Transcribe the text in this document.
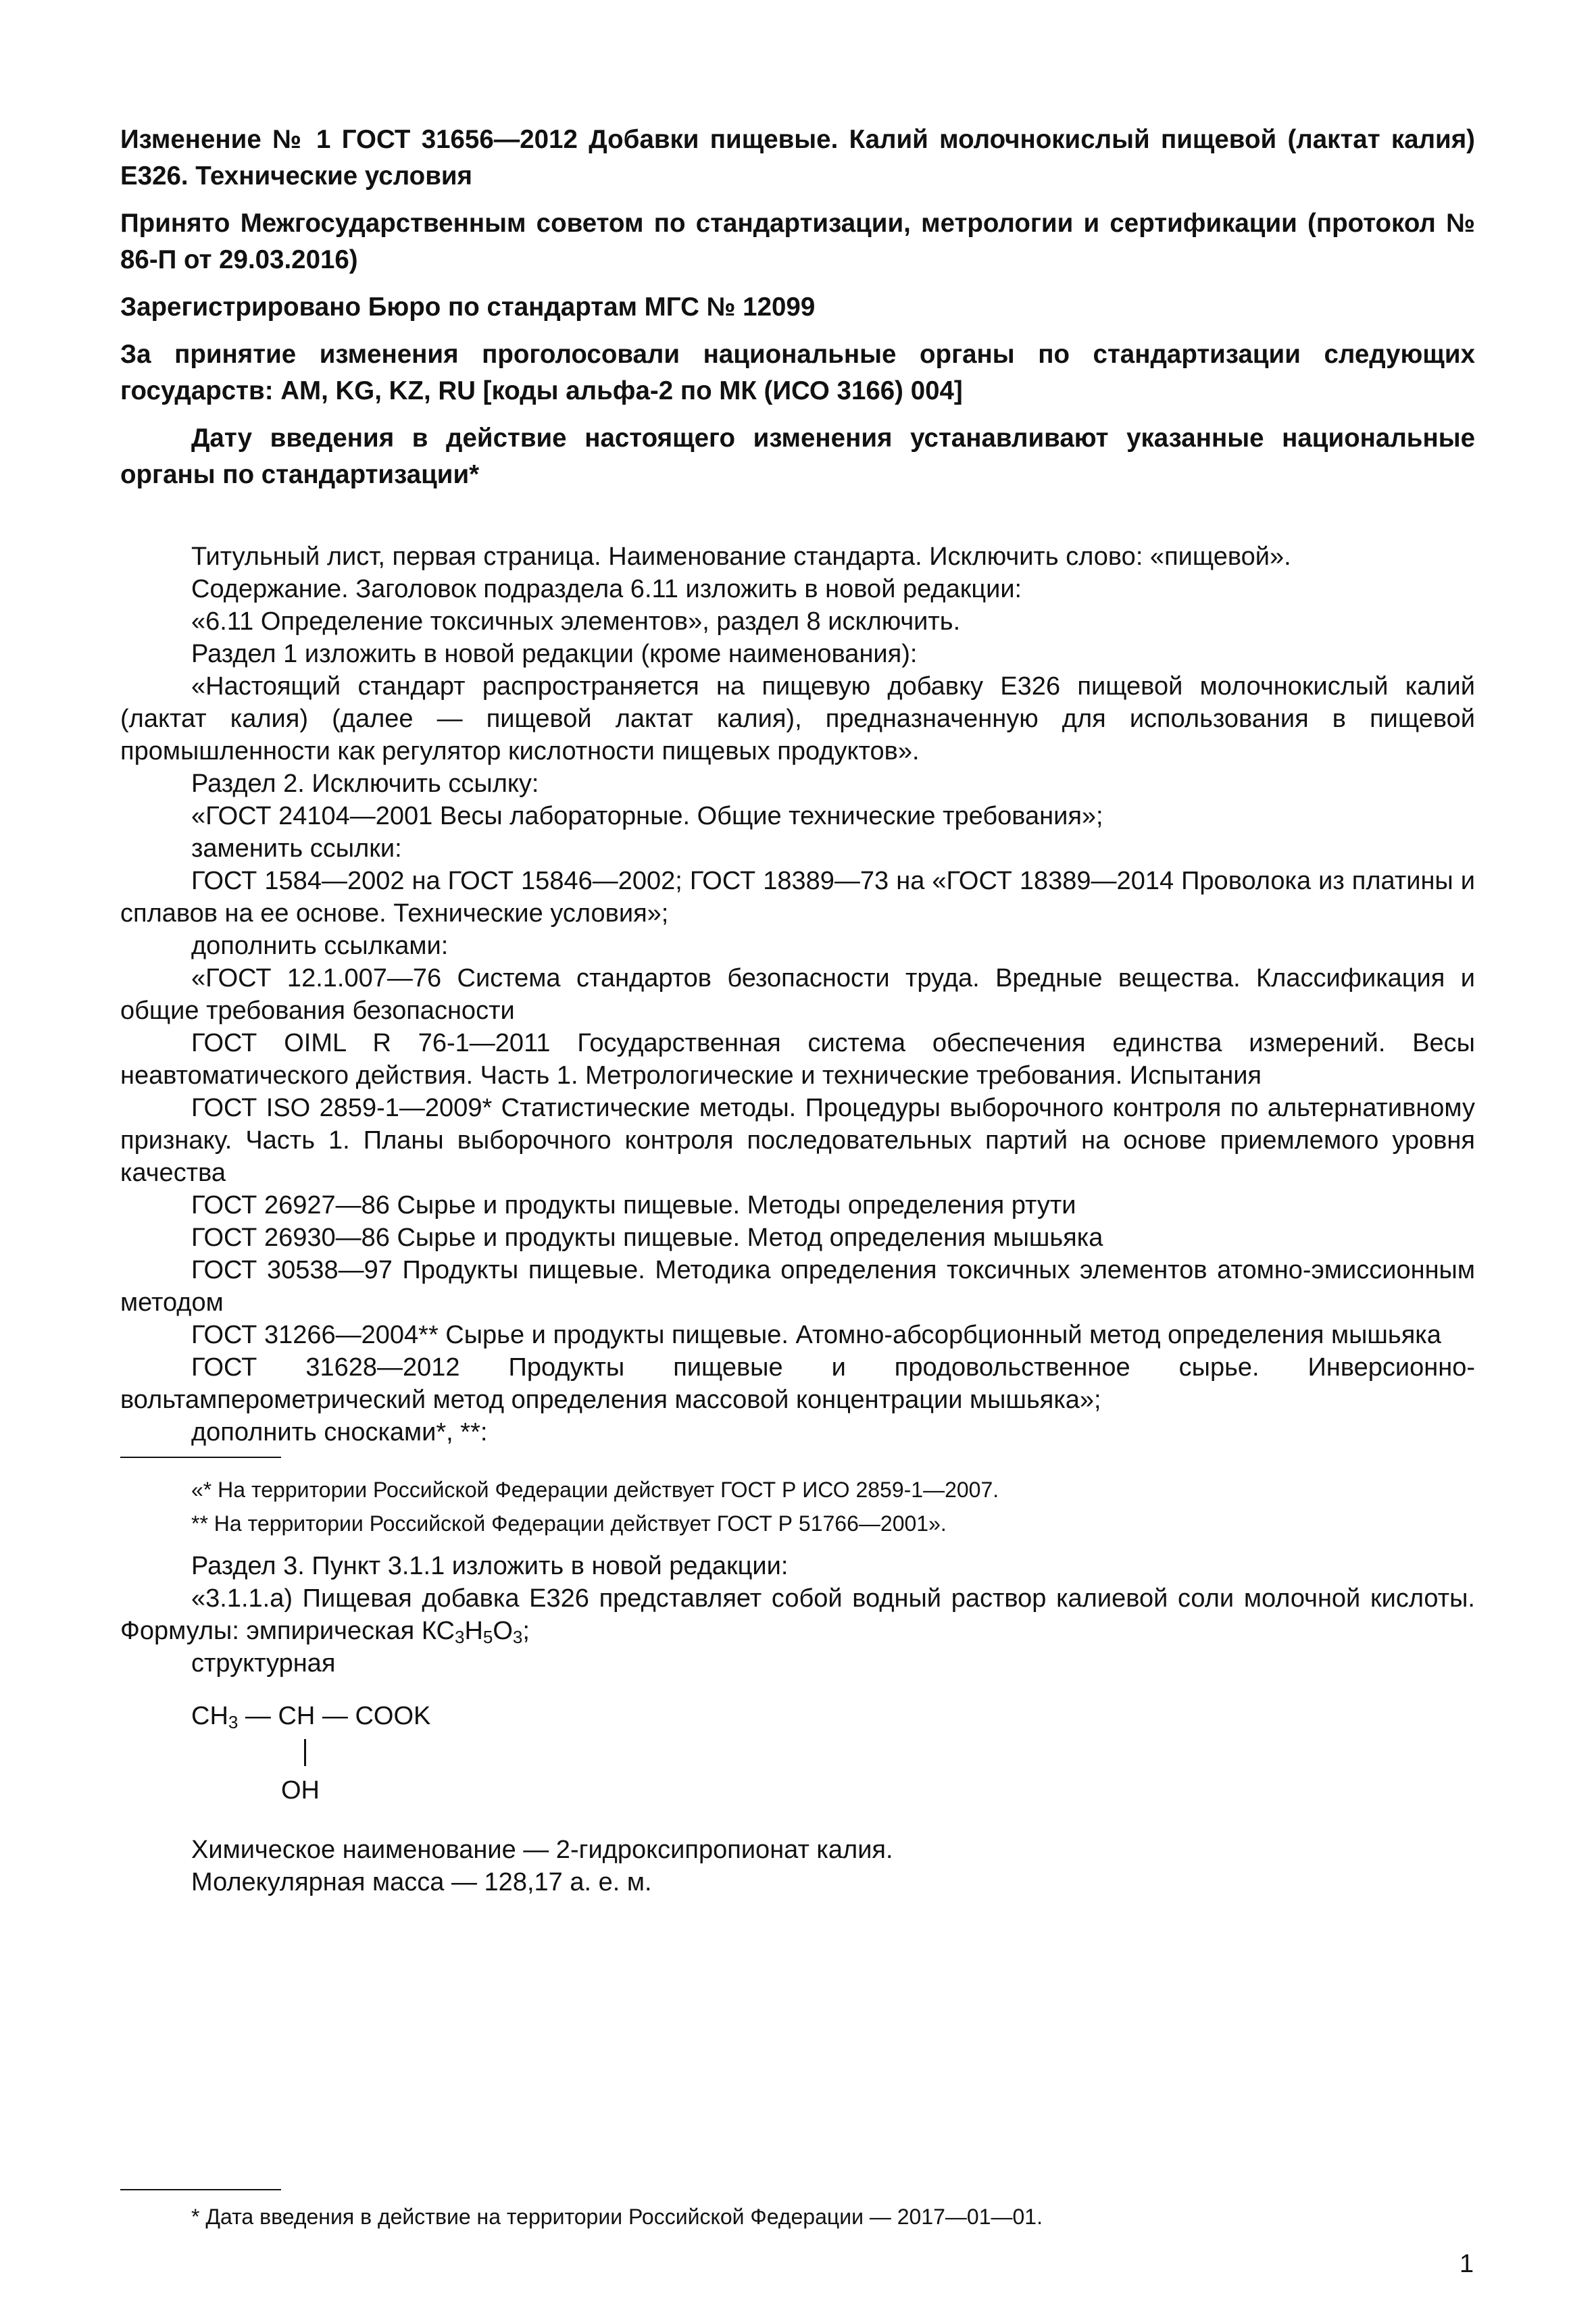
Изменение № 1 ГОСТ 31656—2012 Добавки пищевые. Калий молочнокислый пищевой (лактат калия) Е326. Технические условия

Принято Межгосударственным советом по стандартизации, метрологии и сертификации (протокол № 86-П от 29.03.2016)

Зарегистрировано Бюро по стандартам МГС № 12099

За принятие изменения проголосовали национальные органы по стандартизации следующих государств: AM, KG, KZ, RU [коды альфа-2 по МК (ИСО 3166) 004]

Дату введения в действие настоящего изменения устанавливают указанные национальные органы по стандартизации*

Титульный лист, первая страница. Наименование стандарта. Исключить слово: «пищевой».

Содержание. Заголовок подраздела 6.11 изложить в новой редакции:

«6.11 Определение токсичных элементов», раздел 8 исключить.

Раздел 1 изложить в новой редакции (кроме наименования):

«Настоящий стандарт распространяется на пищевую добавку Е326 пищевой молочнокислый калий (лактат калия) (далее — пищевой лактат калия), предназначенную для использования в пищевой промышленности как регулятор кислотности пищевых продуктов».

Раздел 2. Исключить ссылку:

«ГОСТ 24104—2001 Весы лабораторные. Общие технические требования»;

заменить ссылки:

ГОСТ 1584—2002 на ГОСТ 15846—2002; ГОСТ 18389—73 на «ГОСТ 18389—2014 Проволока из платины и сплавов на ее основе. Технические условия»;

дополнить ссылками:

«ГОСТ 12.1.007—76 Система стандартов безопасности труда. Вредные вещества. Классификация и общие требования безопасности

ГОСТ OIML R 76-1—2011 Государственная система обеспечения единства измерений. Весы неавтоматического действия. Часть 1. Метрологические и технические требования. Испытания

ГОСТ ISO 2859-1—2009* Статистические методы. Процедуры выборочного контроля по альтернативному признаку. Часть 1. Планы выборочного контроля последовательных партий на основе приемлемого уровня качества

ГОСТ 26927—86 Сырье и продукты пищевые. Методы определения ртути

ГОСТ 26930—86 Сырье и продукты пищевые. Метод определения мышьяка

ГОСТ 30538—97 Продукты пищевые. Методика определения токсичных элементов атомно-эмиссионным методом

ГОСТ 31266—2004** Сырье и продукты пищевые. Атомно-абсорбционный метод определения мышьяка

ГОСТ 31628—2012 Продукты пищевые и продовольственное сырье. Инверсионно-вольтамперометрический метод определения массовой концентрации мышьяка»;

дополнить сносками*, **:

«* На территории Российской Федерации действует ГОСТ Р ИСО 2859-1—2007.

** На территории Российской Федерации действует ГОСТ Р 51766—2001».

Раздел 3. Пункт 3.1.1 изложить в новой редакции:

«3.1.1.а) Пищевая добавка Е326 представляет собой водный раствор калиевой соли молочной кислоты. Формулы: эмпирическая $КС_3Н_5О_3$;

структурная

$CH_3$ — CH — COOK
OH

Химическое наименование — 2-гидроксипропионат калия.

Молекулярная масса — 128,17 а. е. м.

* Дата введения в действие на территории Российской Федерации — 2017—01—01.
1
